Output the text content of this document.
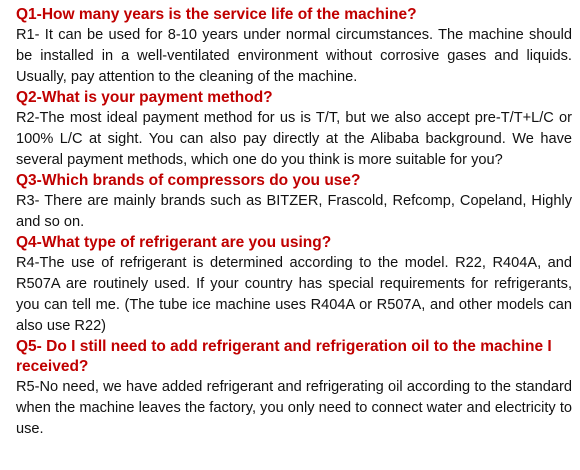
Q1-How many years is the service life of the machine?

R1- It can be used for 8-10 years under normal circumstances. The machine should be installed in a well-ventilated environment without corrosive gases and liquids. Usually, pay attention to the cleaning of the machine.

Q2-What is your payment method?

R2-The most ideal payment method for us is T/T, but we also accept pre-T/T+L/C or 100% L/C at sight. You can also pay directly at the Alibaba background. We have several payment methods, which one do you think is more suitable for you?

Q3-Which brands of compressors do you use?

R3- There are mainly brands such as BITZER, Frascold, Refcomp, Copeland, Highly and so on.

Q4-What type of refrigerant are you using?

R4-The use of refrigerant is determined according to the model. R22, R404A, and R507A are routinely used. If your country has special requirements for refrigerants, you can tell me. (The tube ice machine uses R404A or R507A, and other models can also use R22)

Q5- Do I still need to add refrigerant and refrigeration oil to the machine I received?

R5-No need, we have added refrigerant and refrigerating oil according to the standard when the machine leaves the factory, you only need to connect water and electricity to use.
